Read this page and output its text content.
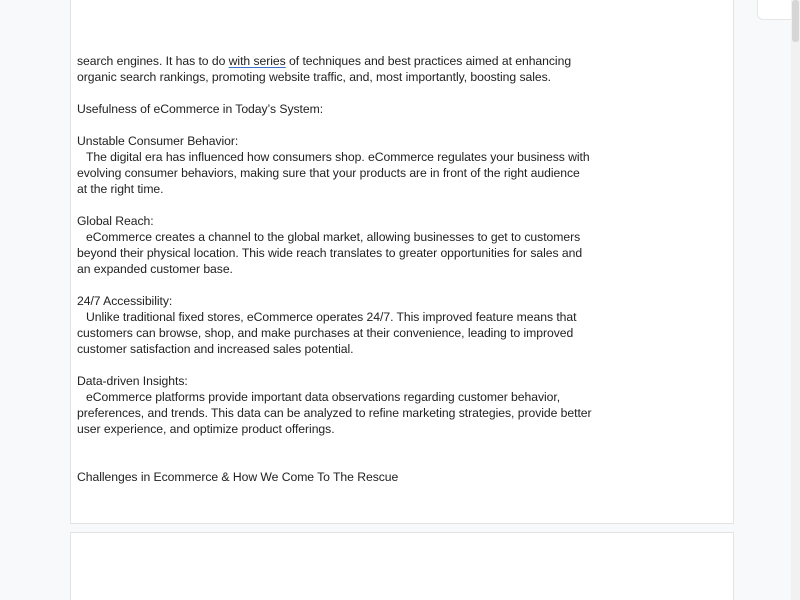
search engines. It has to do with series of techniques and best practices aimed at enhancing
organic search rankings, promoting website traffic, and, most importantly, boosting sales.
Usefulness of eCommerce in Today’s System:
Unstable Consumer Behavior:
The digital era has influenced how consumers shop. eCommerce regulates your business with
evolving consumer behaviors, making sure that your products are in front of the right audience
at the right time.
Global Reach:
eCommerce creates a channel to the global market, allowing businesses to get to customers
beyond their physical location. This wide reach translates to greater opportunities for sales and
an expanded customer base.
24/7 Accessibility:
Unlike traditional fixed stores, eCommerce operates 24/7. This improved feature means that
customers can browse, shop, and make purchases at their convenience, leading to improved
customer satisfaction and increased sales potential.
Data-driven Insights:
eCommerce platforms provide important data observations regarding customer behavior,
preferences, and trends. This data can be analyzed to refine marketing strategies, provide better
user experience, and optimize product offerings.
Challenges in Ecommerce & How We Come To The Rescue
